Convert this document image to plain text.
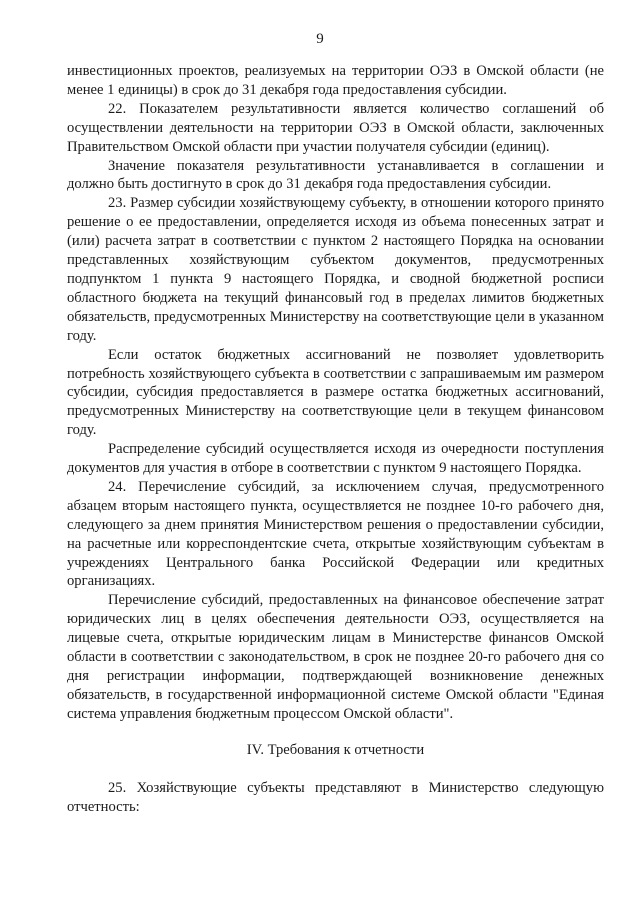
9

инвестиционных проектов, реализуемых на территории ОЭЗ в Омской области (не менее 1 единицы) в срок до 31 декабря года предоставления субсидии.

22. Показателем результативности является количество соглашений об осуществлении деятельности на территории ОЭЗ в Омской области, заключенных Правительством Омской области при участии получателя субсидии (единиц).

Значение показателя результативности устанавливается в соглашении и должно быть достигнуто в срок до 31 декабря года предоставления субсидии.

23. Размер субсидии хозяйствующему субъекту, в отношении которого принято решение о ее предоставлении, определяется исходя из объема понесенных затрат и (или) расчета затрат в соответствии с пунктом 2 настоящего Порядка на основании представленных хозяйствующим субъектом документов, предусмотренных подпунктом 1 пункта 9 настоящего Порядка, и сводной бюджетной росписи областного бюджета на текущий финансовый год в пределах лимитов бюджетных обязательств, предусмотренных Министерству на соответствующие цели в указанном году.

Если остаток бюджетных ассигнований не позволяет удовлетворить потребность хозяйствующего субъекта в соответствии с запрашиваемым им размером субсидии, субсидия предоставляется в размере остатка бюджетных ассигнований, предусмотренных Министерству на соответствующие цели в текущем финансовом году.

Распределение субсидий осуществляется исходя из очередности поступления документов для участия в отборе в соответствии с пунктом 9 настоящего Порядка.

24. Перечисление субсидий, за исключением случая, предусмотренного абзацем вторым настоящего пункта, осуществляется не позднее 10-го рабочего дня, следующего за днем принятия Министерством решения о предоставлении субсидии, на расчетные или корреспондентские счета, открытые хозяйствующим субъектам в учреждениях Центрального банка Российской Федерации или кредитных организациях.

Перечисление субсидий, предоставленных на финансовое обеспечение затрат юридических лиц в целях обеспечения деятельности ОЭЗ, осуществляется на лицевые счета, открытые юридическим лицам в Министерстве финансов Омской области в соответствии с законодательством, в срок не позднее 20-го рабочего дня со дня регистрации информации, подтверждающей возникновение денежных обязательств, в государственной информационной системе Омской области "Единая система управления бюджетным процессом Омской области".

IV. Требования к отчетности

25. Хозяйствующие субъекты представляют в Министерство следующую отчетность:
